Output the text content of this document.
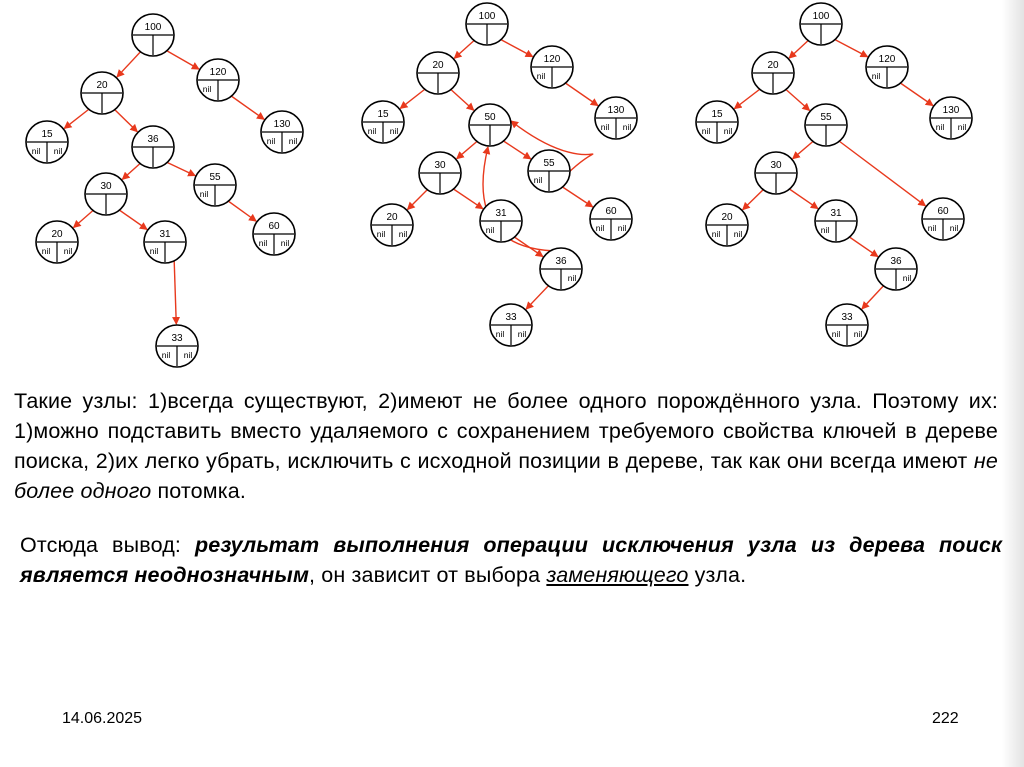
100
20
120
nil
15
nil nil
36
130
nil nil
30
55
nil
20
nil nil
31
nil
60
nil nil
33
nil nil
100
20
120
nil
15
nil nil
50
130
nil nil
30	55
nil
20
nil nil
31
nil
60
nil nil
36
nil
33
nil nil
100
20
120
nil
15
nil nil
55
130
nil nil
30
60
nil nil
20
nil nil
31
nil
36
nil
33
nil nil

Такие узлы: 1)всегда существуют, 2)имеют не более одного порождённого узла. Поэтому их: 1)можно подставить вместо удаляемого с сохранением требуемого свойства ключей в дереве поиска, 2)их легко убрать, исключить с исходной позиции в дереве, так как они всегда имеют не более одного потомка.

Отсюда вывод: результат выполнения операции исключения узла из дерева поиск является неоднозначным, он зависит от выбора заменяющего узла.

14.06.2025	222
